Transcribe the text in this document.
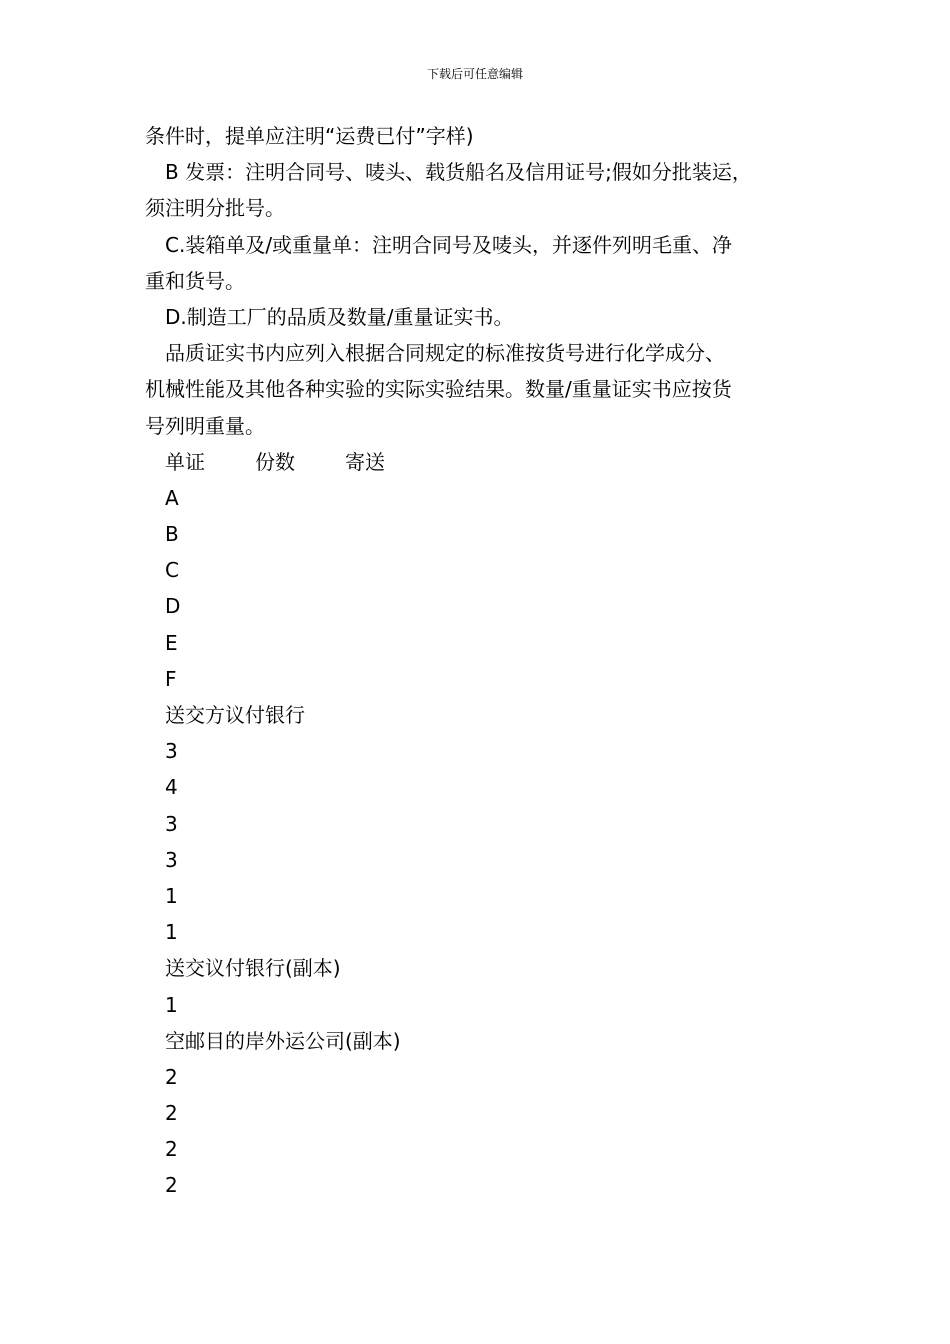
下载后可任意编辑
条件时，提单应注明“运费已付”字样)
B 发票：注明合同号、唛头、载货船名及信用证号;假如分批装运，
须注明分批号。
C.装箱单及/或重量单：注明合同号及唛头，并逐件列明毛重、净
重和货号。
D.制造工厂的品质及数量/重量证实书。
品质证实书内应列入根据合同规定的标准按货号进行化学成分、
机械性能及其他各种实验的实际实验结果。数量/重量证实书应按货
号列明重量。
单证	份数	寄送
A
B
C
D
E
F
送交方议付银行
3
4
3
3
1
1
送交议付银行(副本)
1
空邮目的岸外运公司(副本)
2
2
2
2
